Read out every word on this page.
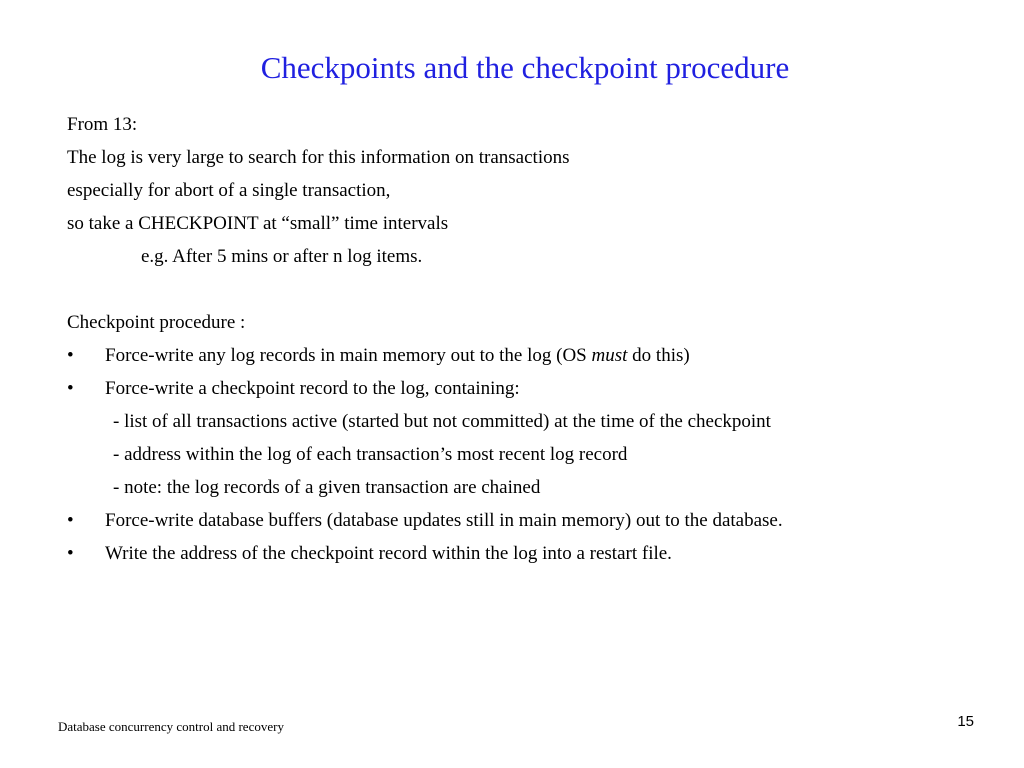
Checkpoints and the checkpoint procedure
From 13:
The log is very large to search for this information on transactions
especially for abort of a single transaction,
so take a CHECKPOINT at “small” time intervals
e.g. After 5 mins or after n log items.
Checkpoint procedure :
•	Force-write any log records in main memory out to the log (OS must do this)
•	Force-write a checkpoint record to the log, containing:
- list of all transactions active (started but not committed) at the time of the checkpoint
- address within the log of each transaction’s most recent log record
- note: the log records of a given transaction are chained
•	Force-write database buffers (database updates still in main memory) out to the database.
•	Write the address of the checkpoint record within the log into a restart file.
Database concurrency control and recovery	15
